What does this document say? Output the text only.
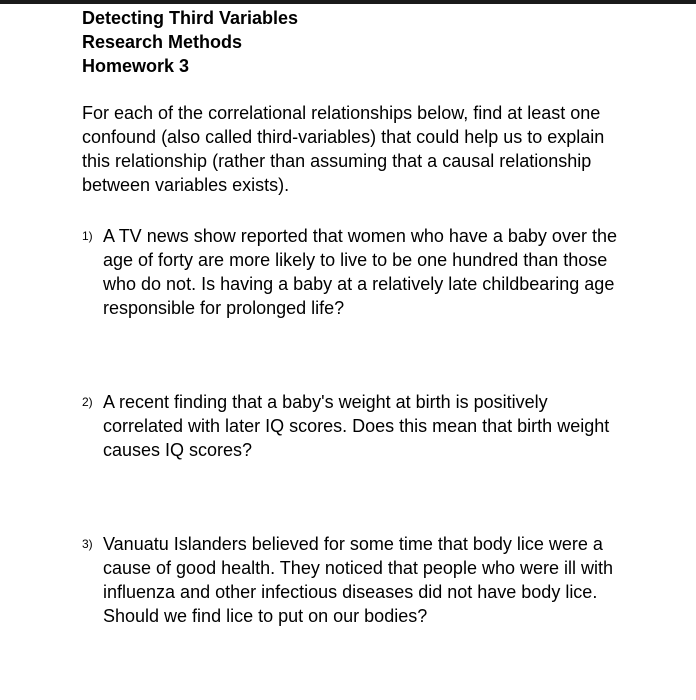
Detecting Third Variables
Research Methods
Homework 3
For each of the correlational relationships below, find at least one confound (also called third-variables) that could help us to explain this relationship (rather than assuming that a causal relationship between variables exists).
1) A TV news show reported that women who have a baby over the age of forty are more likely to live to be one hundred than those who do not. Is having a baby at a relatively late childbearing age responsible for prolonged life?
2) A recent finding that a baby's weight at birth is positively correlated with later IQ scores. Does this mean that birth weight causes IQ scores?
3) Vanuatu Islanders believed for some time that body lice were a cause of good health. They noticed that people who were ill with influenza and other infectious diseases did not have body lice. Should we find lice to put on our bodies?
